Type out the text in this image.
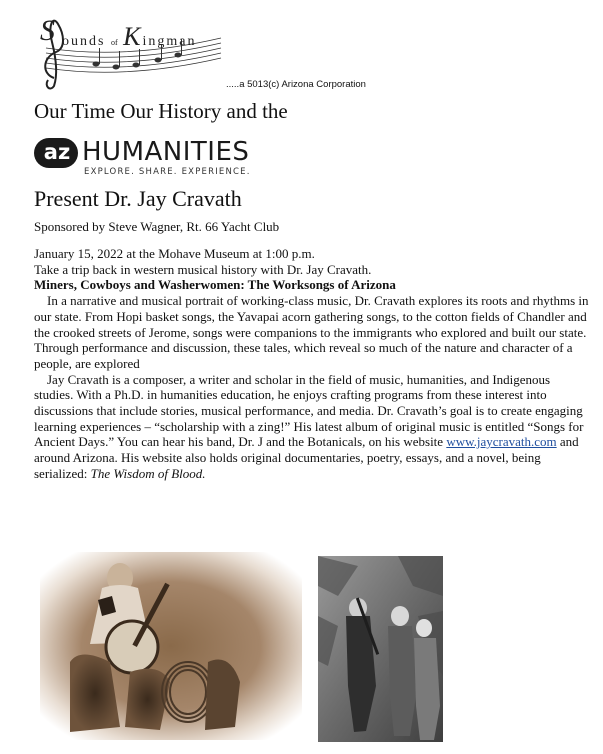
ounds of Kingman
S
.....a 5013(c) Arizona Corporation
Our Time Our History and the
az HUMANITIES
EXPLORE. SHARE. EXPERIENCE.
Present Dr. Jay Cravath
Sponsored by Steve Wagner, Rt. 66 Yacht Club

January 15, 2022 at the Mohave Museum at 1:00 p.m.

Take a trip back in western musical history with Dr. Jay Cravath.

Miners, Cowboys and Washerwomen: The Worksongs of Arizona

In a narrative and musical portrait of working-class music, Dr. Cravath explores its roots and rhythms in our state. From Hopi basket songs, the Yavapai acorn gathering songs, to the cotton fields of Chandler and the crooked streets of Jerome, songs were companions to the immigrants who explored and built our state. Through performance and discussion, these tales, which reveal so much of the nature and character of a people, are explored

Jay Cravath is a composer, a writer and scholar in the field of music, humanities, and Indigenous studies. With a Ph.D. in humanities education, he enjoys crafting programs from these interest into discussions that include stories, musical performance, and media. Dr. Cravath’s goal is to create engaging learning experiences – “scholarship with a zing!” His latest album of original music is entitled “Songs for Ancient Days.” You can hear his band, Dr. J and the Botanicals, on his website www.jaycravath.com and around Arizona. His website also holds original documentaries, poetry, essays, and a novel, being serialized: The Wisdom of Blood.
